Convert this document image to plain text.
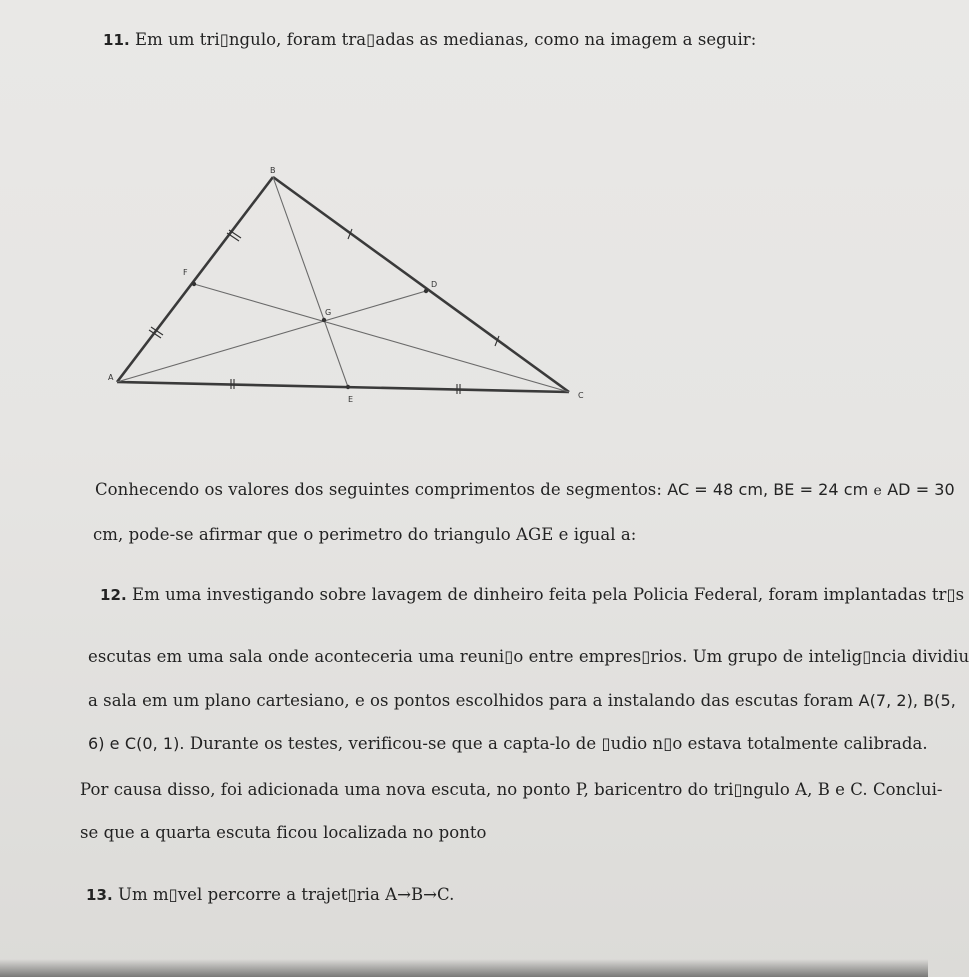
11. Em um tri▯ngulo, foram tra▯adas as medianas, como na imagem a seguir:
B
A
C
D
F
E
G
Conhecendo os valores dos seguintes comprimentos de segmentos: AC = 48 cm, BE = 24 cm e AD = 30
cm, pode-se afirmar que o perimetro do triangulo AGE e igual a:
12. Em uma investigando sobre lavagem de dinheiro feita pela Policia Federal, foram implantadas tr▯s
escutas em uma sala onde aconteceria uma reuni▯o entre empres▯rios. Um grupo de intelig▯ncia dividiu
a sala em um plano cartesiano, e os pontos escolhidos para a instalando das escutas foram A(7, 2), B(5,
6) e C(0, 1). Durante os testes, verificou-se que a capta-lo de ▯udio n▯o estava totalmente calibrada.
Por causa disso, foi adicionada uma nova escuta, no ponto P, baricentro do tri▯ngulo A, B e C. Conclui-
se que a quarta escuta ficou localizada no ponto
13. Um m▯vel percorre a trajet▯ria A→B→C.
